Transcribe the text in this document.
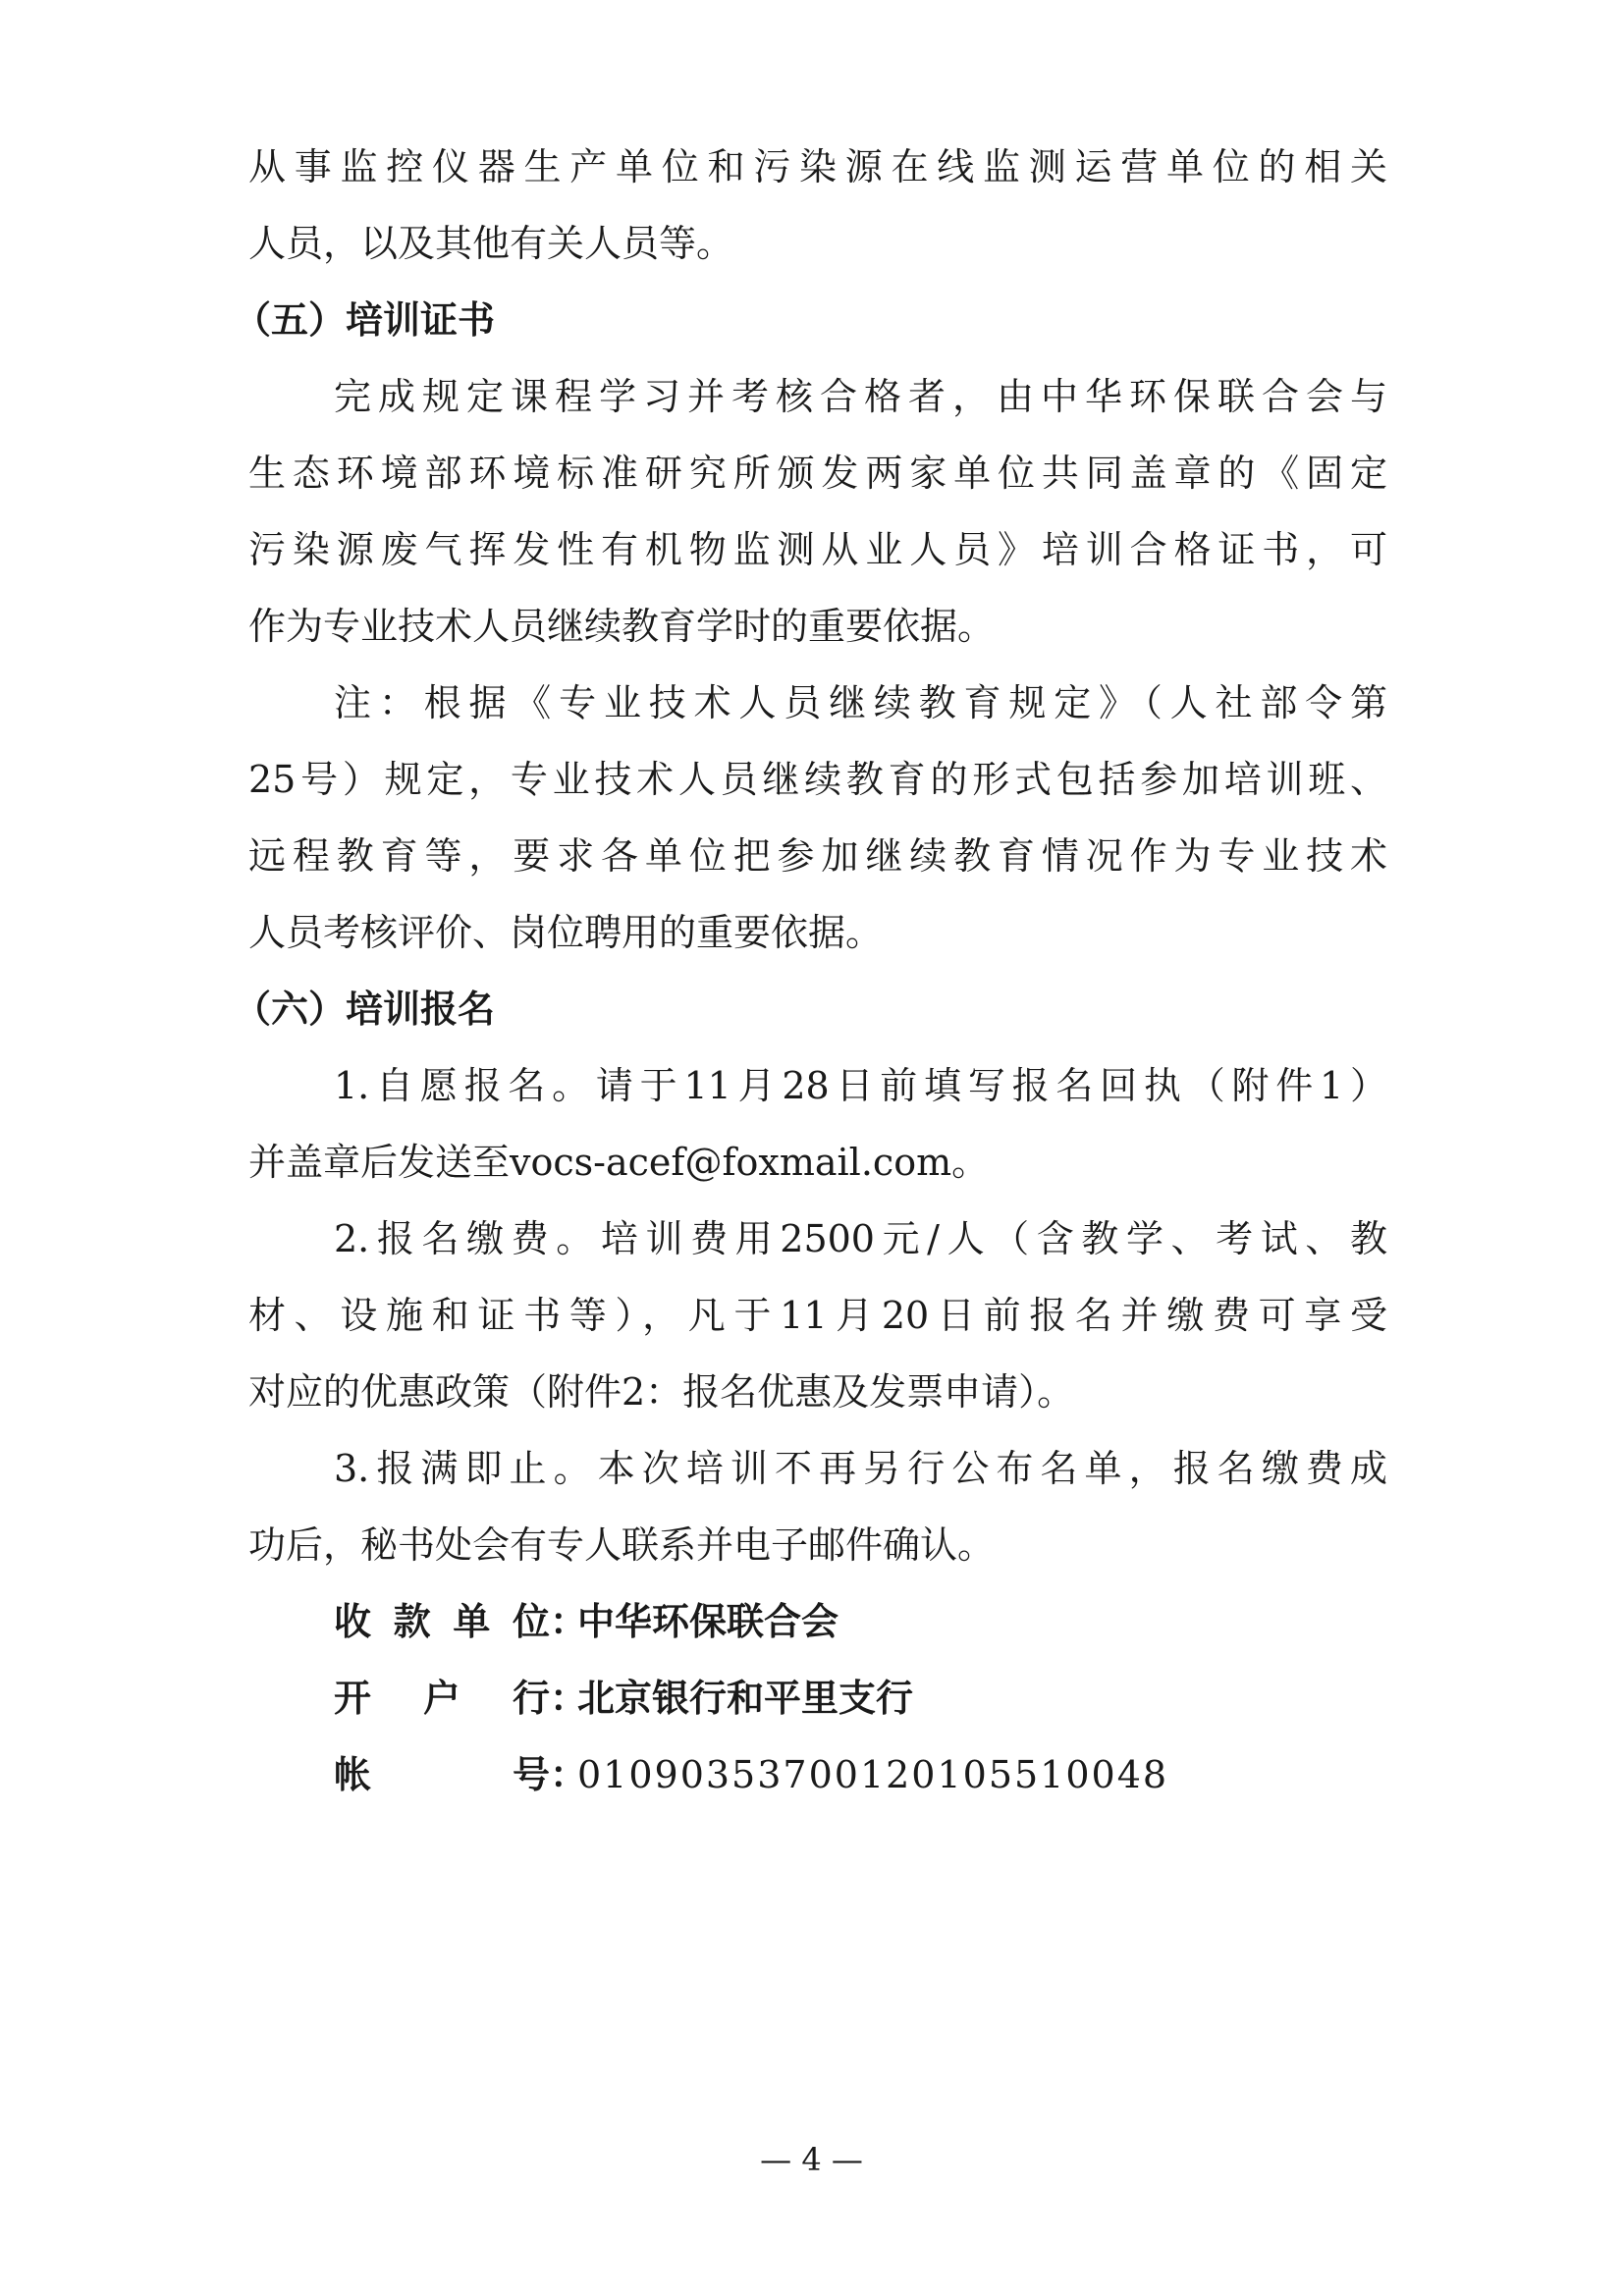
从事监控仪器生产单位和污染源在线监测运营单位的相关
人员，以及其他有关人员等。
（五）培训证书
完成规定课程学习并考核合格者，由中华环保联合会与
生态环境部环境标准研究所颁发两家单位共同盖章的《固定
污染源废气挥发性有机物监测从业人员》培训合格证书，可
作为专业技术人员继续教育学时的重要依据。
注：根据《专业技术人员继续教育规定》（人社部令第
25号）规定，专业技术人员继续教育的形式包括参加培训班、
远程教育等，要求各单位把参加继续教育情况作为专业技术
人员考核评价、岗位聘用的重要依据。
（六）培训报名
1.自愿报名。请于11月28日前填写报名回执（附件1）
并盖章后发送至vocs-acef@foxmail.com。
2.报名缴费。培训费用2500元/人（含教学、考试、教
材、设施和证书等），凡于11月20日前报名并缴费可享受
对应的优惠政策（附件2：报名优惠及发票申请）。
3.报满即止。本次培训不再另行公布名单，报名缴费成
功后，秘书处会有专人联系并电子邮件确认。
收款单位：中华环保联合会
开户行：北京银行和平里支行
帐号：01090353700120105510048
— 4 —
